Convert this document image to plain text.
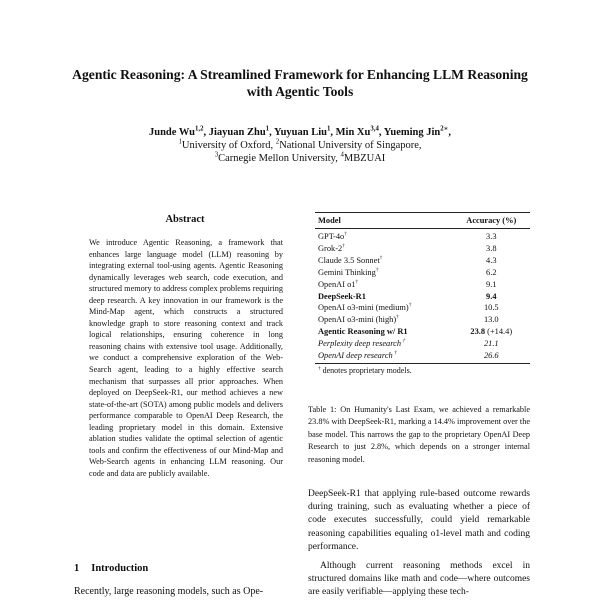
Agentic Reasoning: A Streamlined Framework for Enhancing LLM Reasoning with Agentic Tools
Junde Wu$^{1,2}$, Jiayuan Zhu$^1$, Yuyuan Liu$^1$, Min Xu$^{3,4}$, Yueming Jin$^{2∗}$,
$^1$University of Oxford, $^2$National University of Singapore,
$^3$Carnegie Mellon University, $^4$MBZUAI
Abstract
We introduce Agentic Reasoning, a framework that enhances large language model (LLM) reasoning by integrating external tool-using agents. Agentic Reasoning dynamically leverages web search, code execution, and structured memory to address complex problems requiring deep research. A key innovation in our framework is the Mind-Map agent, which constructs a structured knowledge graph to store reasoning context and track logical relationships, ensuring coherence in long reasoning chains with extensive tool usage. Additionally, we conduct a comprehensive exploration of the Web-Search agent, leading to a highly effective search mechanism that surpasses all prior approaches. When deployed on DeepSeek-R1, our method achieves a new state-of-the-art (SOTA) among public models and delivers performance comparable to OpenAI Deep Research, the leading proprietary model in this domain. Extensive ablation studies validate the optimal selection of agentic tools and confirm the effectiveness of our Mind-Map and Web-Search agents in enhancing LLM reasoning. Our code and data are publicly available.
1 Introduction
Recently, large reasoning models, such as Ope-
Model	Accuracy (%)
GPT-4o†	3.3
Grok-2†	3.8
Claude 3.5 Sonnet†	4.3
Gemini Thinking†	6.2
OpenAI o1†	9.1
DeepSeek-R1	9.4
OpenAI o3-mini (medium)†	10.5
OpenAI o3-mini (high)†	13.0
Agentic Reasoning w/ R1	23.8 (+14.4)
Perplexity deep research †	21.1
OpenAI deep research †	26.6
† denotes proprietary models.
Table 1: On Humanity's Last Exam, we achieved a remarkable 23.8% with DeepSeek-R1, marking a 14.4% improvement over the base model. This narrows the gap to the proprietary OpenAI Deep Research to just 2.8%, which depends on a stronger internal reasoning model.

DeepSeek-R1 that applying rule-based outcome rewards during training, such as evaluating whether a piece of code executes successfully, could yield remarkable reasoning capabilities equaling o1-level math and coding performance.

Although current reasoning methods excel in structured domains like math and code—where outcomes are easily verifiable—applying these tech-
